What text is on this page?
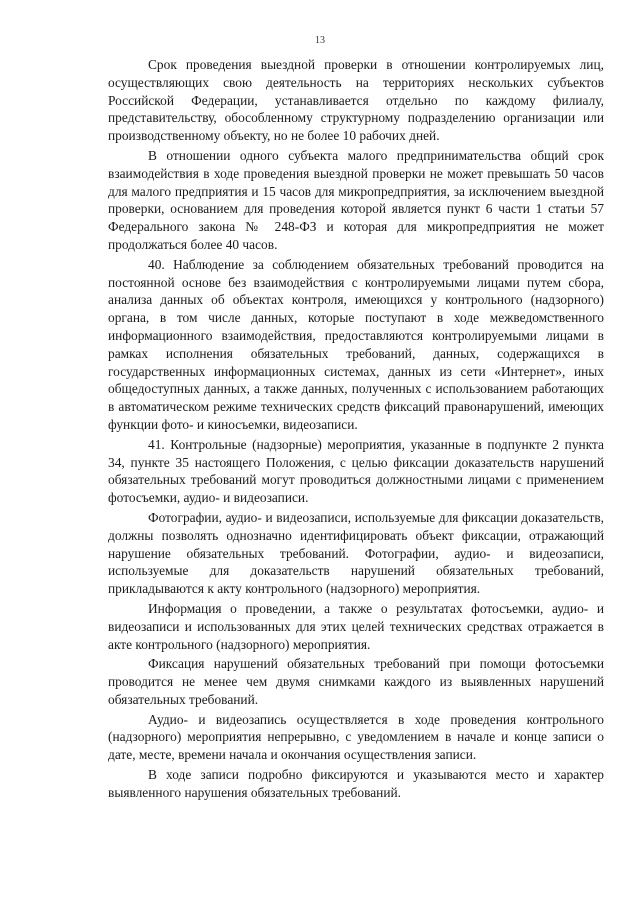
13

Срок проведения выездной проверки в отношении контролируемых лиц, осуществляющих свою деятельность на территориях нескольких субъектов Российской Федерации, устанавливается отдельно по каждому филиалу, представительству, обособленному структурному подразделению организации или производственному объекту, но не более 10 рабочих дней.

В отношении одного субъекта малого предпринимательства общий срок взаимодействия в ходе проведения выездной проверки не может превышать 50 часов для малого предприятия и 15 часов для микропредприятия, за исключением выездной проверки, основанием для проведения которой является пункт 6 части 1 статьи 57 Федерального закона № 248-ФЗ и которая для микропредприятия не может продолжаться более 40 часов.

40. Наблюдение за соблюдением обязательных требований проводится на постоянной основе без взаимодействия с контролируемыми лицами путем сбора, анализа данных об объектах контроля, имеющихся у контрольного (надзорного) органа, в том числе данных, которые поступают в ходе межведомственного информационного взаимодействия, предоставляются контролируемыми лицами в рамках исполнения обязательных требований, данных, содержащихся в государственных информационных системах, данных из сети «Интернет», иных общедоступных данных, а также данных, полученных с использованием работающих в автоматическом режиме технических средств фиксаций правонарушений, имеющих функции фото- и киносъемки, видеозаписи.

41. Контрольные (надзорные) мероприятия, указанные в подпункте 2 пункта 34, пункте 35 настоящего Положения, с целью фиксации доказательств нарушений обязательных требований могут проводиться должностными лицами с применением фотосъемки, аудио- и видеозаписи.

Фотографии, аудио- и видеозаписи, используемые для фиксации доказательств, должны позволять однозначно идентифицировать объект фиксации, отражающий нарушение обязательных требований. Фотографии, аудио- и видеозаписи, используемые для доказательств нарушений обязательных требований, прикладываются к акту контрольного (надзорного) мероприятия.

Информация о проведении, а также о результатах фотосъемки, аудио- и видеозаписи и использованных для этих целей технических средствах отражается в акте контрольного (надзорного) мероприятия.

Фиксация нарушений обязательных требований при помощи фотосъемки проводится не менее чем двумя снимками каждого из выявленных нарушений обязательных требований.

Аудио- и видеозапись осуществляется в ходе проведения контрольного (надзорного) мероприятия непрерывно, с уведомлением в начале и конце записи о дате, месте, времени начала и окончания осуществления записи.

В ходе записи подробно фиксируются и указываются место и характер выявленного нарушения обязательных требований.
